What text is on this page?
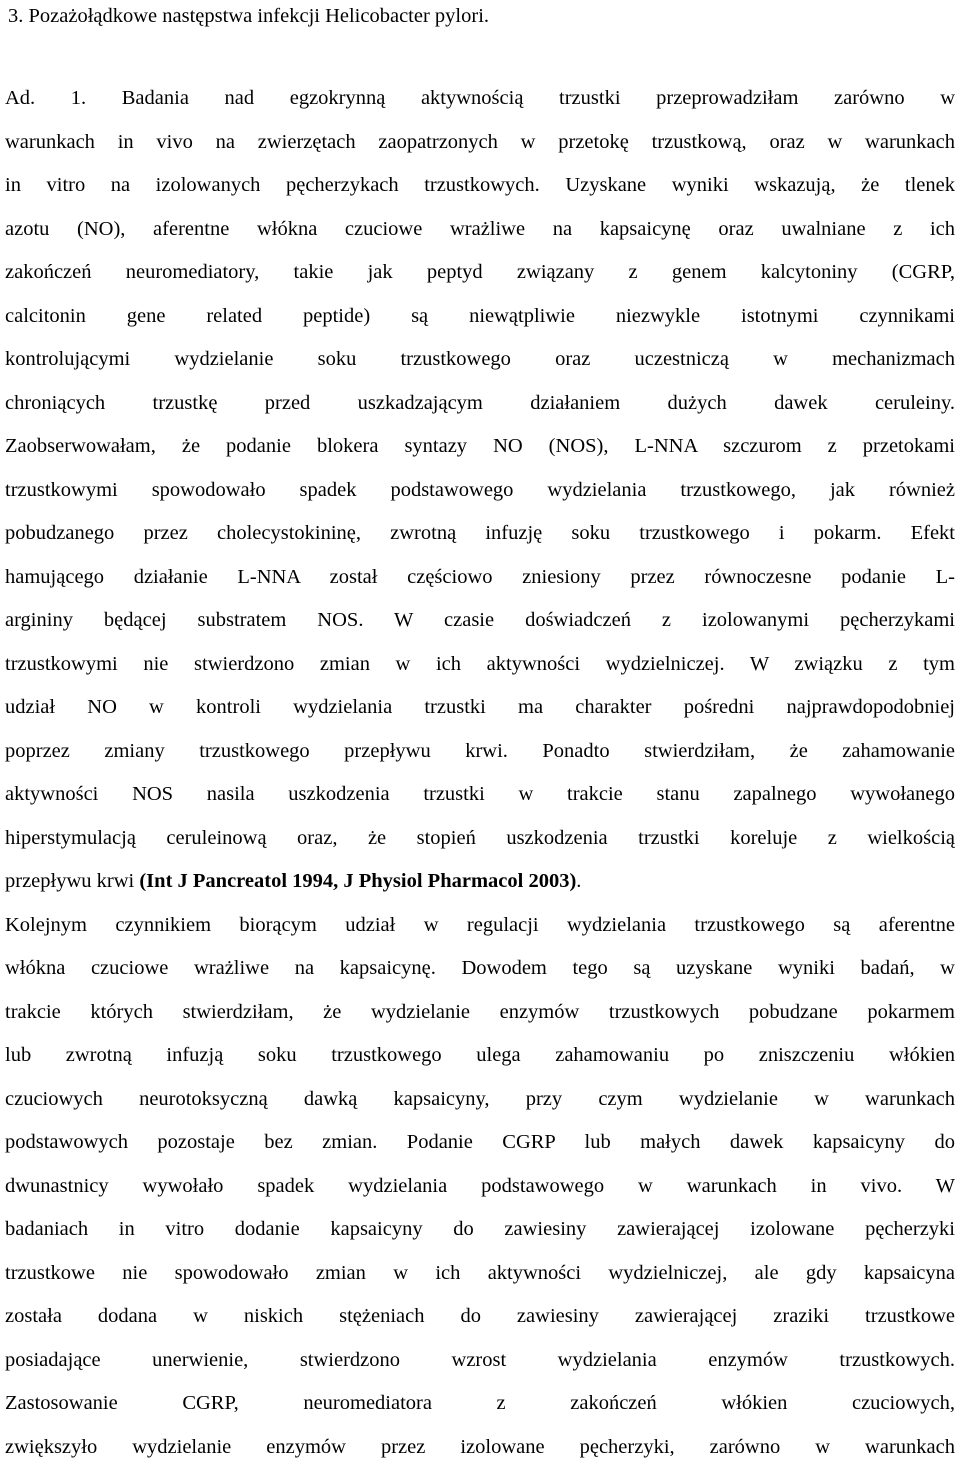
3. Pozażołądkowe następstwa infekcji Helicobacter pylori.
Ad. 1. Badania nad egzokrynną aktywnością trzustki przeprowadziłam zarówno w
warunkach in vivo na zwierzętach zaopatrzonych w przetokę trzustkową, oraz w warunkach
in vitro na izolowanych pęcherzykach trzustkowych. Uzyskane wyniki wskazują, że tlenek
azotu (NO), aferentne włókna czuciowe wrażliwe na kapsaicynę oraz uwalniane z ich
zakończeń neuromediatory, takie jak peptyd związany z genem kalcytoniny (CGRP,
calcitonin gene related peptide) są niewątpliwie niezwykle istotnymi czynnikami
kontrolującymi wydzielanie soku trzustkowego oraz uczestniczą w mechanizmach
chroniących trzustkę przed uszkadzającym działaniem dużych dawek ceruleiny.
Zaobserwowałam, że podanie blokera syntazy NO (NOS), L-NNA szczurom z przetokami
trzustkowymi spowodowało spadek podstawowego wydzielania trzustkowego, jak również
pobudzanego przez cholecystokininę, zwrotną infuzję soku trzustkowego i pokarm. Efekt
hamującego działanie L-NNA został częściowo zniesiony przez równoczesne podanie L-
argininy będącej substratem NOS. W czasie doświadczeń z izolowanymi pęcherzykami
trzustkowymi nie stwierdzono zmian w ich aktywności wydzielniczej. W związku z tym
udział NO w kontroli wydzielania trzustki ma charakter pośredni najprawdopodobniej
poprzez zmiany trzustkowego przepływu krwi. Ponadto stwierdziłam, że zahamowanie
aktywności NOS nasila uszkodzenia trzustki w trakcie stanu zapalnego wywołanego
hiperstymulacją ceruleinową oraz, że stopień uszkodzenia trzustki koreluje z wielkością
przepływu krwi (Int J Pancreatol 1994, J Physiol Pharmacol 2003).
Kolejnym czynnikiem biorącym udział w regulacji wydzielania trzustkowego są aferentne
włókna czuciowe wrażliwe na kapsaicynę. Dowodem tego są uzyskane wyniki badań, w
trakcie których stwierdziłam, że wydzielanie enzymów trzustkowych pobudzane pokarmem
lub zwrotną infuzją soku trzustkowego ulega zahamowaniu po zniszczeniu włókien
czuciowych neurotoksyczną dawką kapsaicyny, przy czym wydzielanie w warunkach
podstawowych pozostaje bez zmian. Podanie CGRP lub małych dawek kapsaicyny do
dwunastnicy wywołało spadek wydzielania podstawowego w warunkach in vivo. W
badaniach in vitro dodanie kapsaicyny do zawiesiny zawierającej izolowane pęcherzyki
trzustkowe nie spowodowało zmian w ich aktywności wydzielniczej, ale gdy kapsaicyna
została dodana w niskich stężeniach do zawiesiny zawierającej zraziki trzustkowe
posiadające unerwienie, stwierdzono wzrost wydzielania enzymów trzustkowych.
Zastosowanie CGRP, neuromediatora z zakończeń włókien czuciowych,
zwiększyło wydzielanie enzymów przez izolowane pęcherzyki, zarówno w warunkach
